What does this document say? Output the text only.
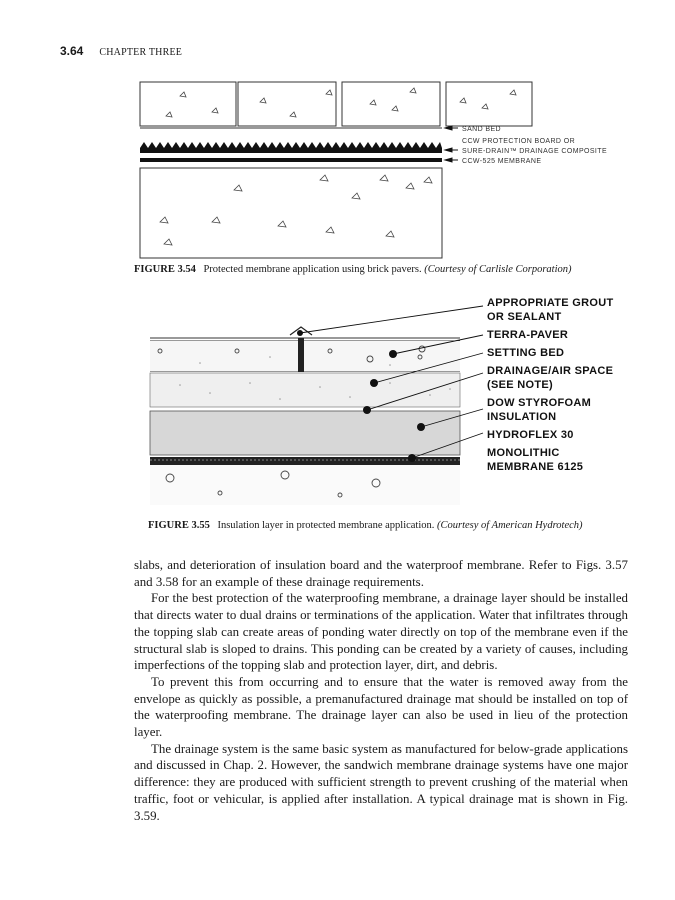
3.64 CHAPTER THREE
SAND BED
CCW PROTECTION BOARD OR
SURE-DRAIN™ DRAINAGE COMPOSITE
CCW-525 MEMBRANE
FIGURE 3.54 Protected membrane application using brick pavers. (Courtesy of Carlisle Corporation)
APPROPRIATE GROUT
OR SEALANT
TERRA-PAVER
SETTING BED
DRAINAGE/AIR SPACE
(SEE NOTE)
DOW STYROFOAM
INSULATION
HYDROFLEX 30
MONOLITHIC
MEMBRANE 6125
FIGURE 3.55 Insulation layer in protected membrane application. (Courtesy of American Hydrotech)

slabs, and deterioration of insulation board and the waterproof membrane. Refer to Figs. 3.57 and 3.58 for an example of these drainage requirements.

For the best protection of the waterproofing membrane, a drainage layer should be installed that directs water to dual drains or terminations of the application. Water that infiltrates through the topping slab can create areas of ponding water directly on top of the membrane even if the structural slab is sloped to drains. This ponding can be created by a variety of causes, including imperfections of the topping slab and protection layer, dirt, and debris.

To prevent this from occurring and to ensure that the water is removed away from the envelope as quickly as possible, a premanufactured drainage mat should be installed on top of the waterproofing membrane. The drainage layer can also be used in lieu of the protection layer.

The drainage system is the same basic system as manufactured for below-grade applications and discussed in Chap. 2. However, the sandwich membrane drainage systems have one major difference: they are produced with sufficient strength to prevent crushing of the material when traffic, foot or vehicular, is applied after installation. A typical drainage mat is shown in Fig. 3.59.
